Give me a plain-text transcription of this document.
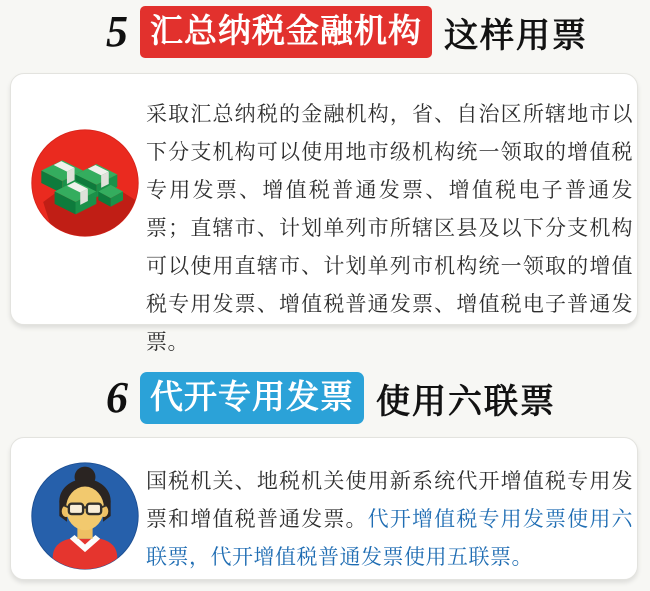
5 汇总纳税金融机构 这样用票

采取汇总纳税的金融机构，省、自治区所辖地市以下分支机构可以使用地市级机构统一领取的增值税专用发票、增值税普通发票、增值税电子普通发票；直辖市、计划单列市所辖区县及以下分支机构可以使用直辖市、计划单列市机构统一领取的增值税专用发票、增值税普通发票、增值税电子普通发票。

6 代开专用发票 使用六联票

国税机关、地税机关使用新系统代开增值税专用发票和增值税普通发票。代开增值税专用发票使用六联票，代开增值税普通发票使用五联票。
